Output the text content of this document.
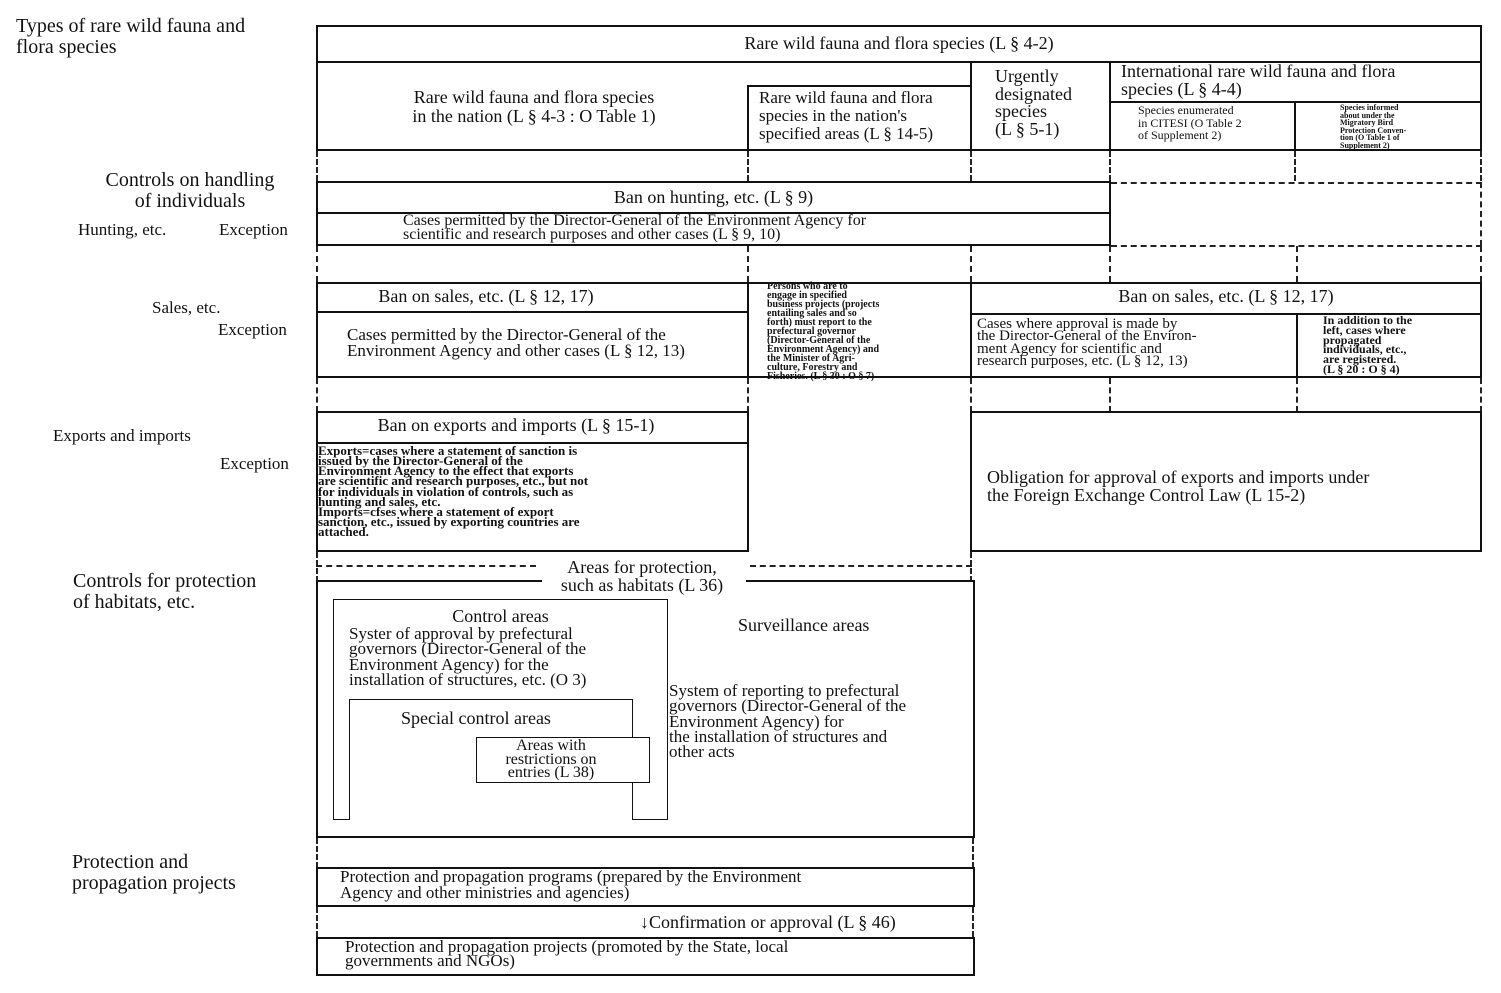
Types of rare wild fauna and
flora species
Controls on handling
of individuals
Hunting, etc.	Exception
Sales, etc.
Exception
Exports and imports
Exception
Controls for protection
of habitats, etc.
Protection and
propagation projects
Rare wild fauna and flora species (L § 4-2)
Rare wild fauna and flora species
in the nation (L § 4-3 : O Table 1)
Rare wild fauna and flora
species in the nation's
specified areas (L § 14-5)
Urgently
designated
species
(L § 5-1)
International rare wild fauna and flora
species (L § 4-4)
Species enumerated
in CITESI (O Table 2
of Supplement 2)
Species informed
about under the
Migratory Bird
Protection Conven-
tion (O Table 1 of
Supplement 2)
Ban on hunting, etc. (L § 9)
Cases permitted by the Director-General of the Environment Agency for
scientific and research purposes and other cases (L § 9, 10)
Ban on sales, etc. (L § 12, 17)
Cases permitted by the Director-General of the
Environment Agency and other cases (L § 12, 13)
Persons who are to
engage in specified
business projects (projects
entailing sales and so
forth) must report to the
prefectural governor
(Director-General of the
Environment Agency) and
the Minister of Agri-
culture, Forestry and
Fisheries. (L § 30 : O § 7)
Ban on sales, etc. (L § 12, 17)
Cases where approval is made by
the Director-General of the Environ-
ment Agency for scientific and
research purposes, etc. (L § 12, 13)
In addition to the
left, cases where
propagated
individuals, etc.,
are registered.
(L § 20 : O § 4)
Ban on exports and imports (L § 15-1)
Exports=cases where a statement of sanction is
issued by the Director-General of the
Environment Agency to the effect that exports
are scientific and research purposes, etc., but not
for individuals in violation of controls, such as
hunting and sales, etc.
Imports=cfses where a statement of export
sanction, etc., issued by exporting countries are
attached.
Obligation for approval of exports and imports under
the Foreign Exchange Control Law (L 15-2)
Areas for protection,
such as habitats (L 36)
Control areas
Syster of approval by prefectural
governors (Director-General of the
Environment Agency) for the
installation of structures, etc. (O 3)
Special control areas
Areas with
restrictions on
entries (L 38)
Surveillance areas
System of reporting to prefectural
governors (Director-General of the
Environment Agency) for
the installation of structures and
other acts
Protection and propagation programs (prepared by the Environment
Agency and other ministries and agencies)
↓Confirmation or approval (L § 46)
Protection and propagation projects (promoted by the State, local
governments and NGOs)
